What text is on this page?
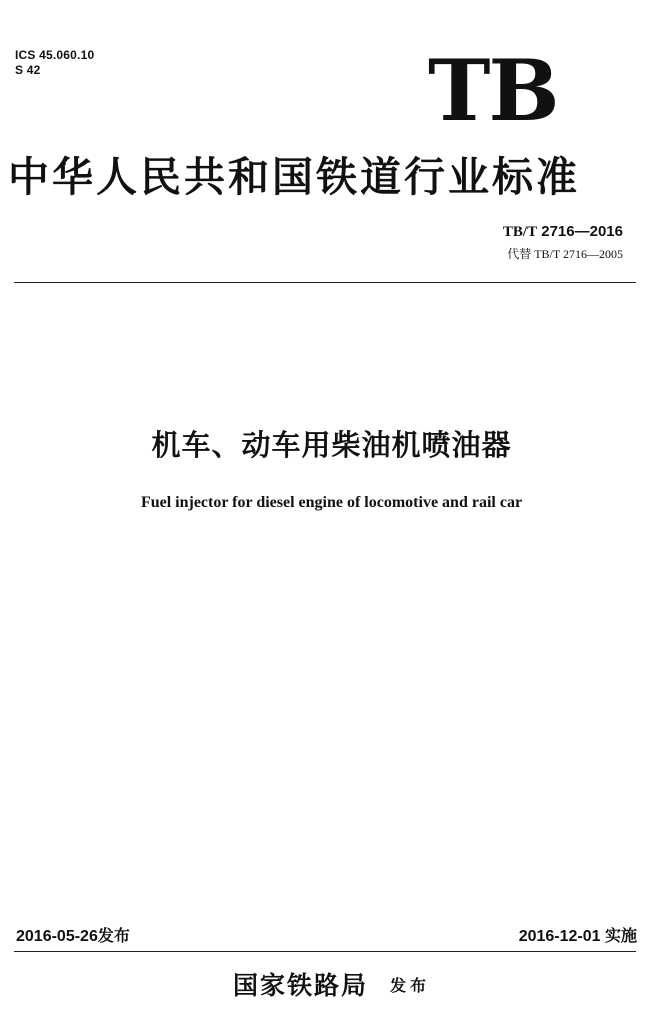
ICS 45.060.10
S 42	TB
中华人民共和国铁道行业标准
TB/T 2716—2016
代替 TB/T 2716—2005
机车、动车用柴油机喷油器
Fuel injector for diesel engine of locomotive and rail car
2016-05-26发布	2016-12-01 实施
国家铁路局 发布
